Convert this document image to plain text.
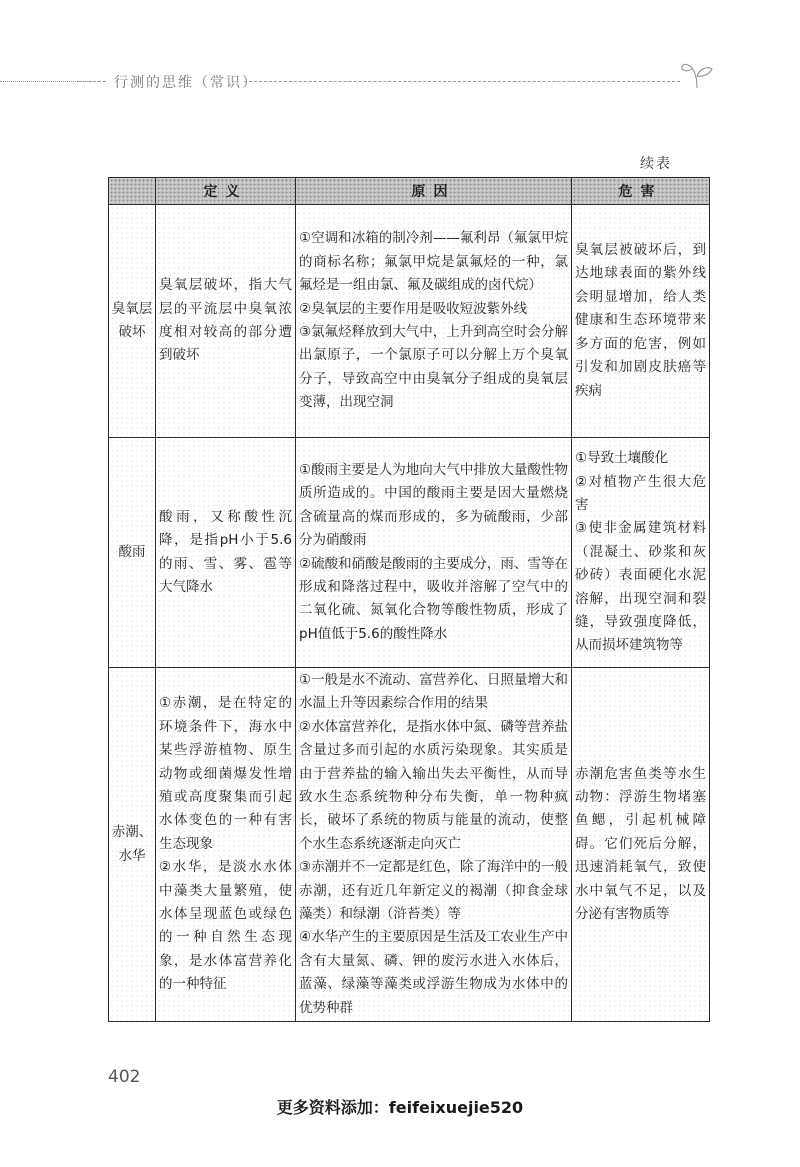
行测的思维（常识）
续表
	定义	原因	危害
臭氧层破坏	臭氧层破坏，指大气层的平流层中臭氧浓度相对较高的部分遭到破坏	①空调和冰箱的制冷剂——氟利昂（氟氯甲烷的商标名称；氟氯甲烷是氯氟烃的一种，氯氟烃是一组由氯、氟及碳组成的卤代烷）
②臭氧层的主要作用是吸收短波紫外线
③氯氟烃释放到大气中，上升到高空时会分解出氯原子，一个氯原子可以分解上万个臭氧分子，导致高空中由臭氧分子组成的臭氧层变薄，出现空洞	臭氧层被破坏后，到达地球表面的紫外线会明显增加，给人类健康和生态环境带来多方面的危害，例如引发和加剧皮肤癌等疾病

酸雨	酸雨，又称酸性沉降，是指pH小于5.6的雨、雪、雾、雹等大气降水	①酸雨主要是人为地向大气中排放大量酸性物质所造成的。中国的酸雨主要是因大量燃烧含硫量高的煤而形成的，多为硫酸雨，少部分为硝酸雨
②硫酸和硝酸是酸雨的主要成分，雨、雪等在形成和降落过程中，吸收并溶解了空气中的二氧化硫、氮氧化合物等酸性物质，形成了pH值低于5.6的酸性降水	①导致土壤酸化
②对植物产生很大危害
③使非金属建筑材料（混凝土、砂浆和灰砂砖）表面硬化水泥溶解，出现空洞和裂缝，导致强度降低，从而损坏建筑物等

赤潮、水华	①赤潮，是在特定的环境条件下，海水中某些浮游植物、原生动物或细菌爆发性增殖或高度聚集而引起水体变色的一种有害生态现象
②水华，是淡水水体中藻类大量繁殖，使水体呈现蓝色或绿色的一种自然生态现象，是水体富营养化的一种特征	①一般是水不流动、富营养化、日照量增大和水温上升等因素综合作用的结果
②水体富营养化，是指水体中氮、磷等营养盐含量过多而引起的水质污染现象。其实质是由于营养盐的输入输出失去平衡性，从而导致水生态系统物种分布失衡，单一物种疯长，破坏了系统的物质与能量的流动，使整个水生态系统逐渐走向灭亡
③赤潮并不一定都是红色，除了海洋中的一般赤潮，还有近几年新定义的褐潮（抑食金球藻类）和绿潮（浒苔类）等
④水华产生的主要原因是生活及工农业生产中含有大量氮、磷、钾的废污水进入水体后，蓝藻、绿藻等藻类或浮游生物成为水体中的优势种群	赤潮危害鱼类等水生动物：浮游生物堵塞鱼鳃，引起机械障碍。它们死后分解，迅速消耗氧气，致使水中氧气不足，以及分泌有害物质等
402
更多资料添加：feifeixuejie520
